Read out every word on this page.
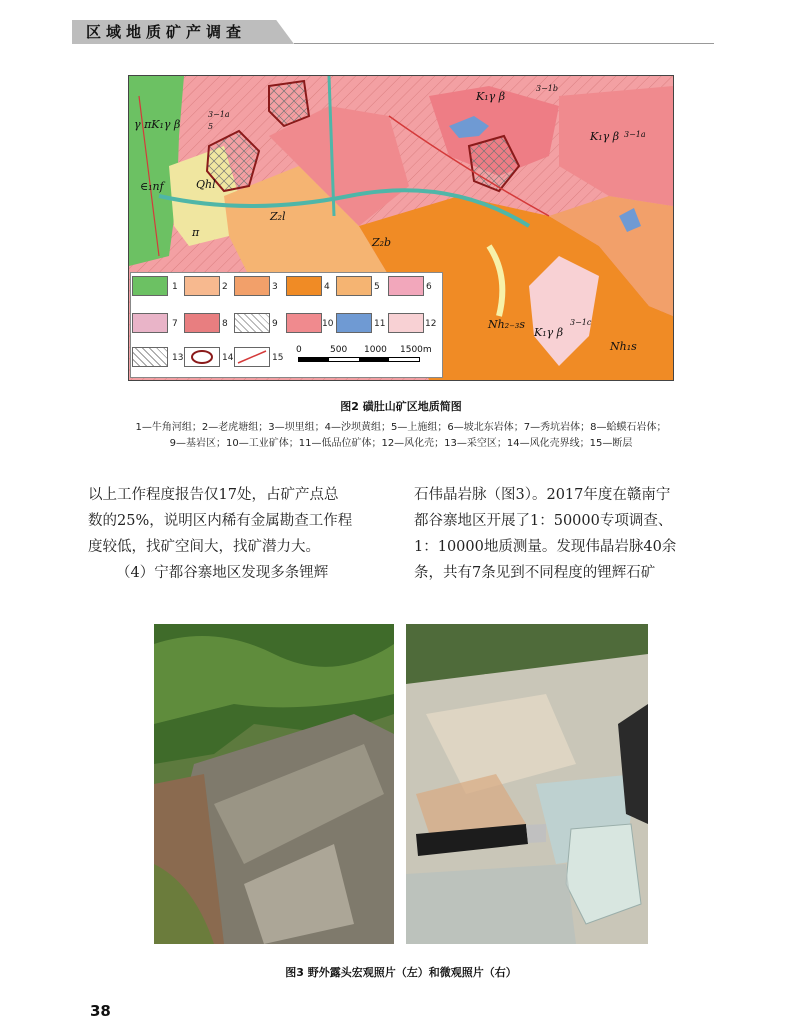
区域地质矿产调查
γ πK₁γ β
3−1a
∈₁nf	Qhl
Z₂l
Z₂b
K₁γ β
3−1b
K₁γ β 3−1a
Nh₂₋₃s
K₁γ β
3−1c
Nh₁s
π
5
1	2	3	4	5	6
7	8	9	10	11	12
13	14	15
0	500 1000 1500m
图2 磺肚山矿区地质简图
1—牛角河组；2—老虎塘组；3—坝里组；4—沙坝黄组；5—上施组；6—坡北东岩体；7—秀坑岩体；8—蛤蟆石岩体；
9—基岩区；10—工业矿体；11—低品位矿体；12—风化壳；13—采空区；14—风化壳界线；15—断层
以上工作程度报告仅17处，占矿产点总
数的25%，说明区内稀有金属勘查工作程
度较低，找矿空间大，找矿潜力大。
（4）宁都谷寨地区发现多条锂辉
石伟晶岩脉（图3）。2017年度在赣南宁
都谷寨地区开展了1：50000专项调查、
1：10000地质测量。发现伟晶岩脉40余
条，共有7条见到不同程度的锂辉石矿
图3 野外露头宏观照片（左）和微观照片（右）
38
